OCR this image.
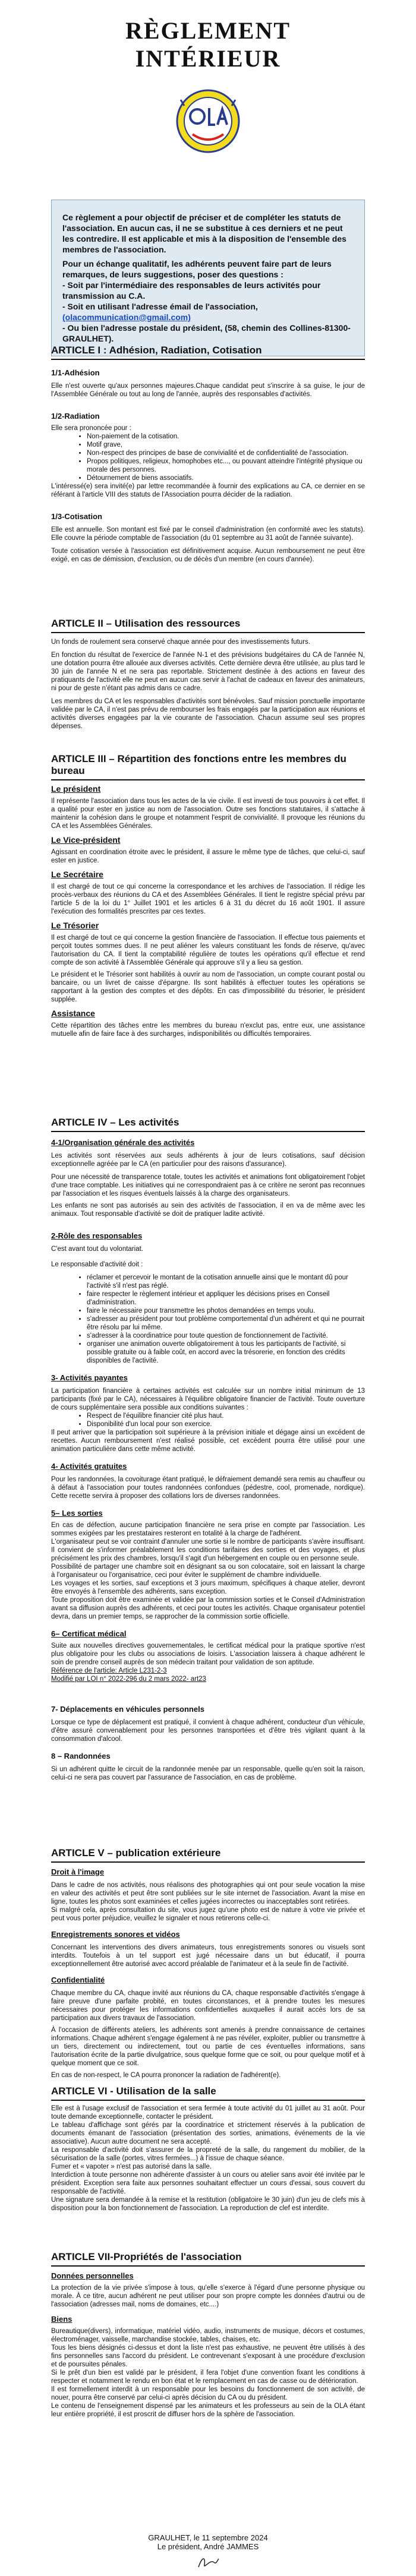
RÈGLEMENT INTÉRIEUR

Ce règlement a pour objectif de préciser et de compléter les statuts de l'association. En aucun cas, il ne se substitue à ces derniers et ne peut les contredire. Il est applicable et mis à la disposition de l'ensemble des membres de l'association.

Pour un échange qualitatif, les adhérents peuvent faire part de leurs remarques, de leurs suggestions, poser des questions :

- Soit par l'intermédiaire des responsables de leurs activités pour transmission au C.A.

- Soit en utilisant l'adresse émail de l'association, (olacommunication@gmail.com)

- Ou bien l'adresse postale du président, (58, chemin des Collines-81300-GRAULHET).

ARTICLE I : Adhésion, Radiation, Cotisation

1/1-Adhésion

Elle n'est ouverte qu'aux personnes majeures.Chaque candidat peut s'inscrire à sa guise, le jour de l'Assemblée Générale ou tout au long de l'année, auprès des responsables d'activités.

1/2-Radiation

Elle sera prononcée pour :

• Non-paiement de la cotisation.
• Motif grave,
• Non-respect des principes de base de convivialité et de confidentialité de l'association.
• Propos politiques, religieux, homophobes etc..., ou pouvant atteindre l'intégrité physique ou morale des personnes.
• Détournement de biens associatifs.

L'intéressé(e) sera invité(e) par lettre recommandée à fournir des explications au CA, ce dernier en se référant à l'article VIII des statuts de l'Association pourra décider de la radiation.

1/3-Cotisation

Elle est annuelle. Son montant est fixé par le conseil d'administration (en conformité avec les statuts). Elle couvre la période comptable de l'association (du 01 septembre au 31 août de l'année suivante).

Toute cotisation versée à l'association est définitivement acquise. Aucun remboursement ne peut être exigé, en cas de démission, d'exclusion, ou de décès d'un membre (en cours d'année).

ARTICLE II – Utilisation des ressources

Un fonds de roulement sera conservé chaque année pour des investissements futurs.

En fonction du résultat de l'exercice de l'année N-1 et des prévisions budgétaires du CA de l'année N, une dotation pourra être allouée aux diverses activités. Cette dernière devra être utilisée, au plus tard le 30 juin de l'année N et ne sera pas reportable. Strictement destinée à des actions en faveur des pratiquants de l'activité elle ne peut en aucun cas servir à l'achat de cadeaux en faveur des animateurs, ni pour de geste n'étant pas admis dans ce cadre.

Les membres du CA et les responsables d'activités sont bénévoles. Sauf mission ponctuelle importante validée par le CA, il n'est pas prévu de rembourser les frais engagés par la participation aux réunions et activités diverses engagées par la vie courante de l'association. Chacun assume seul ses propres dépenses.

ARTICLE III – Répartition des fonctions entre les membres du bureau

Le président

Il représente l'association dans tous les actes de la vie civile. Il est investi de tous pouvoirs à cet effet. Il a qualité pour ester en justice au nom de l'association. Outre ses fonctions statutaires, il s'attache à maintenir la cohésion dans le groupe et notamment l'esprit de convivialité. Il provoque les réunions du CA et les Assemblées Générales.

Le Vice-président

Agissant en coordination étroite avec le président, il assure le même type de tâches, que celui-ci, sauf ester en justice.

Le Secrétaire

Il est chargé de tout ce qui concerne la correspondance et les archives de l'association. Il rédige les procès-verbaux des réunions du CA et des Assemblées Générales. Il tient le registre spécial prévu par l'article 5 de la loi du 1° Juillet 1901 et les articles 6 à 31 du décret du 16 août 1901. Il assure l'exécution des formalités prescrites par ces textes.

Le Trésorier

Il est chargé de tout ce qui concerne la gestion financière de l'association. Il effectue tous paiements et perçoit toutes sommes dues. Il ne peut aliéner les valeurs constituant les fonds de réserve, qu'avec l'autorisation du CA. Il tient la comptabilité régulière de toutes les opérations qu'il effectue et rend compte de son activité à l'Assemblée Générale qui approuve s'il y a lieu sa gestion.

Le président et le Trésorier sont habilités à ouvrir au nom de l'association, un compte courant postal ou bancaire, ou un livret de caisse d'épargne. Ils sont habilités à effectuer toutes les opérations se rapportant à la gestion des comptes et des dépôts. En cas d'impossibilité du trésorier, le président supplée.

Assistance

Cette répartition des tâches entre les membres du bureau n'exclut pas, entre eux, une assistance mutuelle afin de faire face à des surcharges, indisponibilités ou difficultés temporaires.

ARTICLE IV – Les activités

4-1/Organisation générale des activités

Les activités sont réservées aux seuls adhérents à jour de leurs cotisations, sauf décision exceptionnelle agréée par le CA (en particulier pour des raisons d'assurance).

Pour une nécessité de transparence totale, toutes les activités et animations font obligatoirement l'objet d'une trace comptable. Les initiatives qui ne correspondraient pas à ce critère ne seront pas reconnues par l'association et les risques éventuels laissés à la charge des organisateurs.

Les enfants ne sont pas autorisés au sein des activités de l'association, il en va de même avec les animaux. Tout responsable d'activité se doit de pratiquer ladite activité.

2-Rôle des responsables

C'est avant tout du volontariat.

Le responsable d'activité doit :

• réclamer et percevoir le montant de la cotisation annuelle ainsi que le montant dû pour l'activité s'il n'est pas réglé.
• faire respecter le règlement intérieur et appliquer les décisions prises en Conseil d'administration.
• faire le nécessaire pour transmettre les photos demandées en temps voulu.
• s'adresser au président pour tout problème comportemental d'un adhérent et qui ne pourrait être résolu par lui même.
• s'adresser à la coordinatrice pour toute question de fonctionnement de l'activité.
• organiser une animation ouverte obligatoirement à tous les participants de l'activité, si possible gratuite ou à faible coût, en accord avec la trésorerie, en fonction des crédits disponibles de l'activité.

3- Activités payantes

La participation financière à certaines activités est calculée sur un nombre initial minimum de 13 participants (fixé par le CA), nécessaires à l'équilibre obligatoire financier de l'activité. Toute ouverture de cours supplémentaire sera possible aux conditions suivantes :

• Respect de l'équilibre financier cité plus haut.
• Disponibilité d'un local pour son exercice.

Il peut arriver que la participation soit supérieure à la prévision initiale et dégage ainsi un excédent de recettes. Aucun remboursement n'est réalisé possible, cet excédent pourra être utilisé pour une animation particulière dans cette même activité.

4- Activités gratuites

Pour les randonnées, la covoiturage étant pratiqué, le défraiement demandé sera remis au chauffeur ou à défaut à l'association pour toutes randonnées confondues (pédestre, cool, promenade, nordique). Cette recette servira à proposer des collations lors de diverses randonnées.

5– Les sorties

En cas de défection, aucune participation financière ne sera prise en compte par l'association. Les sommes exigées par les prestataires resteront en totalité à la charge de l'adhérent.

L'organisateur peut se voir contraint d'annuler une sortie si le nombre de participants s'avère insuffisant.

Il convient de s'informer préalablement les conditions tarifaires des sorties et des voyages, et plus précisément les prix des chambres, lorsqu'il s'agit d'un hébergement en couple ou en personne seule.

Possibilité de partager une chambre soit en désignant sa ou son colocataire, soit en laissant la charge à l'organisateur ou l'organisatrice, ceci pour éviter le supplément de chambre individuelle.

Les voyages et les sorties, sauf exceptions et 3 jours maximum, spécifiques à chaque atelier, devront être envoyés à l'ensemble des adhérents, sans exception.

Toute proposition doit être examinée et validée par la commission sorties et le Conseil d'Administration avant sa diffusion auprès des adhérents, et ceci pour toutes les activités. Chaque organisateur potentiel devra, dans un premier temps, se rapprocher de la commission sortie officielle.

6– Certificat médical

Suite aux nouvelles directives gouvernementales, le certificat médical pour la pratique sportive n'est plus obligatoire pour les clubs ou associations de loisirs. L'association laissera à chaque adhérent le soin de prendre conseil auprès de son médecin traitant pour validation de son aptitude.

Référence de l'article: Article L231-2-3

Modifié par LOI n° 2022-296 du 2 mars 2022- art23

7- Déplacements en véhicules personnels

Lorsque ce type de déplacement est pratiqué, il convient à chaque adhérent, conducteur d'un véhicule, d'être assuré convenablement pour les personnes transportées et d'être très vigilant quant à la consommation d'alcool.

8 – Randonnées

Si un adhérent quitte le circuit de la randonnée menée par un responsable, quelle qu'en soit la raison, celui-ci ne sera pas couvert par l'assurance de l'association, en cas de problème.

ARTICLE V – publication extérieure

Droit à l'image

Dans le cadre de nos activités, nous réalisons des photographies qui ont pour seule vocation la mise en valeur des activités et peut être sont publiées sur le site internet de l'association. Avant la mise en ligne, toutes les photos sont examinées et celles jugées incorrectes ou inacceptables sont retirées.

Si malgré cela, après consultation du site, vous jugez qu'une photo est de nature à votre vie privée et peut vous porter préjudice, veuillez le signaler et nous retirerons celle-ci.

Enregistrements sonores et vidéos

Concernant les interventions des divers animateurs, tous enregistrements sonores ou visuels sont interdits. Toutefois à un tel support est jugé nécessaire dans un but éducatif, il pourra exceptionnellement être autorisé avec accord préalable de l'animateur et à la seule fin de l'activité.

Confidentialité

Chaque membre du CA, chaque invité aux réunions du CA, chaque responsable d'activités s'engage à faire preuve d'une parfaite probité, en toutes circonstances, et à prendre toutes les mesures nécessaires pour protéger les informations confidentielles auxquelles il aurait accès lors de sa participation aux divers travaux de l'association.

À l'occasion de différents ateliers, les adhérents sont amenés à prendre connaissance de certaines informations. Chaque adhérent s'engage également à ne pas révéler, exploiter, publier ou transmettre à un tiers, directement ou indirectement, tout ou partie de ces éventuelles informations, sans l'autorisation écrite de la partie divulgatrice, sous quelque forme que ce soit, ou pour quelque motif et à quelque moment que ce soit.

En cas de non-respect, le CA pourra prononcer la radiation de l'adhérent(e).

ARTICLE VI - Utilisation de la salle

Elle est à l'usage exclusif de l'association et sera fermée à toute activité du 01 juillet au 31 août. Pour toute demande exceptionnelle, contacter le président.

Le tableau d'affichage sont gérés par la coordinatrice et strictement réservés à la publication de documents émanant de l'association (présentation des sorties, animations, événements de la vie associative). Aucun autre document ne sera accepté.

La responsable d'activité doit s'assurer de la propreté de la salle, du rangement du mobilier, de la sécurisation de la salle (portes, vitres fermées...) à l'issue de chaque séance.

Fumer et « vapoter » n'est pas autorisé dans la salle.

Interdiction à toute personne non adhérente d'assister à un cours ou atelier sans avoir été invitée par le président. Exception sera faite aux personnes souhaitant effectuer un cours d'essai, sous couvert du responsable de l'activité.

Une signature sera demandée à la remise et la restitution (obligatoire le 30 juin) d'un jeu de clefs mis à disposition pour la bon fonctionnement de l'association. La reproduction de clef est interdite.

ARTICLE VII-Propriétés de l'association

Données personnelles

La protection de la vie privée s'impose à tous, qu'elle s'exerce à l'égard d'une personne physique ou morale. À ce titre, aucun adhérent ne peut utiliser pour son propre compte les données d'autrui ou de l'association (adresses mail, noms de domaines, etc....)

Biens

Bureautique(divers), informatique, matériel vidéo, audio, instruments de musique, décors et costumes, électroménager, vaisselle, marchandise stockée, tables, chaises, etc.

Tous les biens désignés ci-dessus et dont la liste n'est pas exhaustive, ne peuvent être utilisés à des fins personnelles sans l'accord du président. Le contrevenant s'exposant à une procédure d'exclusion et de poursuites pénales.

Si le prêt d'un bien est validé par le président, il fera l'objet d'une convention fixant les conditions à respecter et notamment le rendu en bon état et le remplacement en cas de casse ou de détérioration.

Il est formellement interdit à un responsable pour les besoins du fonctionnement de son activité, de nouer, pourra être conservé par celui-ci après décision du CA ou du président.

Le contenu de l'enseignement dispensé par les animateurs et les professeurs au sein de la OLA étant leur entière propriété, il est proscrit de diffuser hors de la sphère de l'association.

GRAULHET, le 11 septembre 2024
Le président, André JAMMES
